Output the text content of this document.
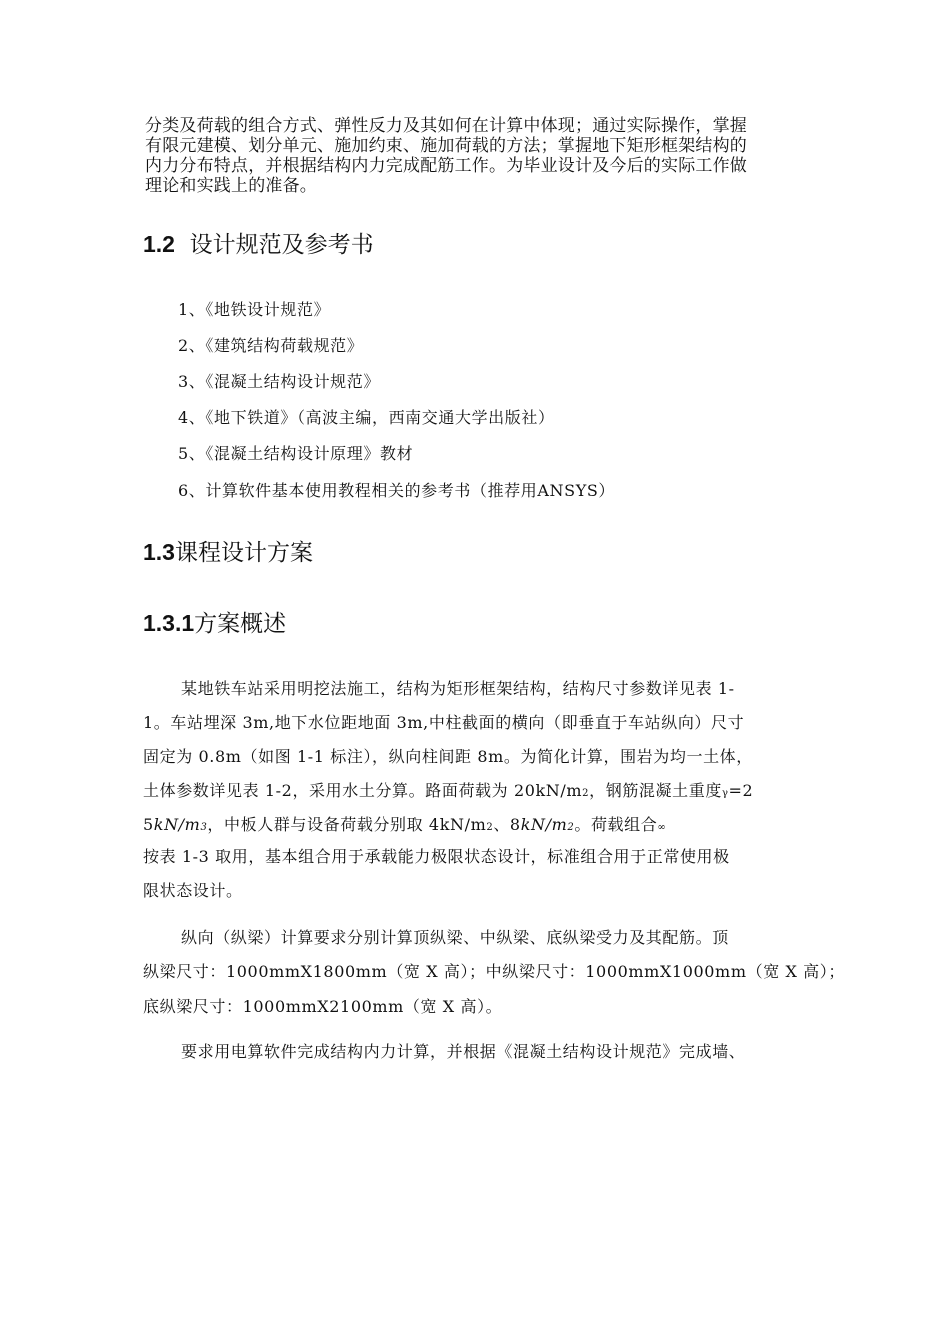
分类及荷载的组合方式、弹性反力及其如何在计算中体现；通过实际操作，掌握
有限元建模、划分单元、施加约束、施加荷载的方法；掌握地下矩形框架结构的
内力分布特点，并根据结构内力完成配筋工作。为毕业设计及今后的实际工作做
理论和实践上的准备。
1.2 设计规范及参考书
1、《地铁设计规范》
2、《建筑结构荷载规范》
3、《混凝土结构设计规范》
4、《地下铁道》（高波主编，西南交通大学出版社）
5、《混凝土结构设计原理》教材
6、计算软件基本使用教程相关的参考书（推荐用ANSYS）
1.3课程设计方案
1.3.1方案概述
某地铁车站采用明挖法施工，结构为矩形框架结构，结构尺寸参数详见表 1-
1。车站埋深 3m,地下水位距地面 3m,中柱截面的横向（即垂直于车站纵向）尺寸
固定为 0.8m（如图 1-1 标注），纵向柱间距 8m。为简化计算，围岩为均一土体，
土体参数详见表 1-2，采用水土分算。路面荷载为 20kN/m2，钢筋混凝土重度γ=2
5kN/m3，中板人群与设备荷载分别取 4kN/m2、8kN/m2。荷载组合∞
按表 1-3 取用，基本组合用于承载能力极限状态设计，标准组合用于正常使用极
限状态设计。
纵向（纵梁）计算要求分别计算顶纵梁、中纵梁、底纵梁受力及其配筋。顶
纵梁尺寸：1000mmX1800mm（宽 X 高）；中纵梁尺寸：1000mmX1000mm（宽 X 高）；
底纵梁尺寸：1000mmX2100mm（宽 X 高）。
要求用电算软件完成结构内力计算，并根据《混凝土结构设计规范》完成墙、
